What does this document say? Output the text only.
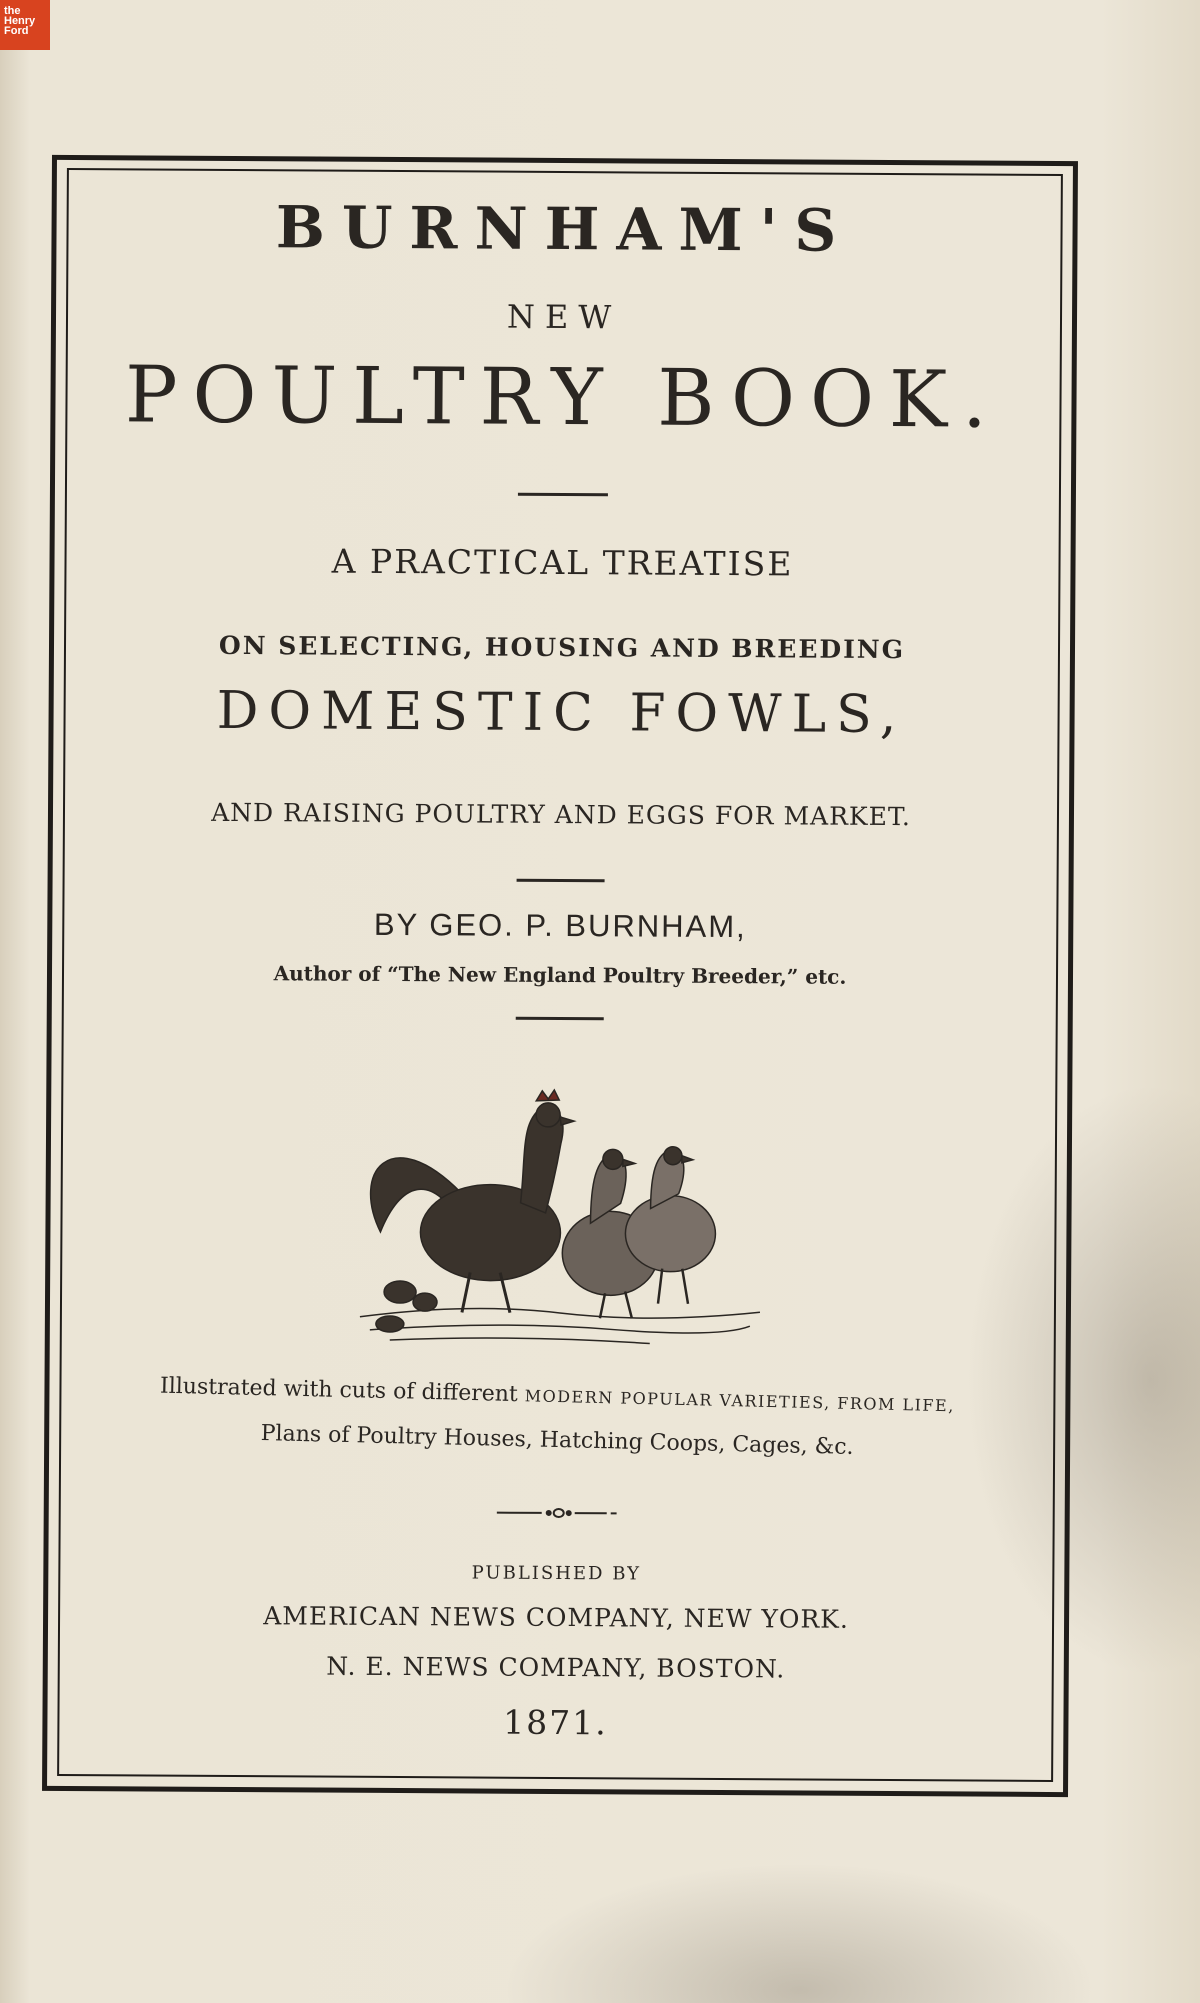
the
Henry
Ford
BURNHAM'S
NEW
POULTRY BOOK.
A PRACTICAL TREATISE
ON SELECTING, HOUSING AND BREEDING
DOMESTIC FOWLS,
AND RAISING POULTRY AND EGGS FOR MARKET.
BY GEO. P. BURNHAM,
Author of “The New England Poultry Breeder,” etc.
Illustrated with cuts of different MODERN POPULAR VARIETIES, FROM LIFE,
Plans of Poultry Houses, Hatching Coops, Cages, &c.
PUBLISHED BY
AMERICAN NEWS COMPANY, NEW YORK.
N. E. NEWS COMPANY, BOSTON.
1871.
